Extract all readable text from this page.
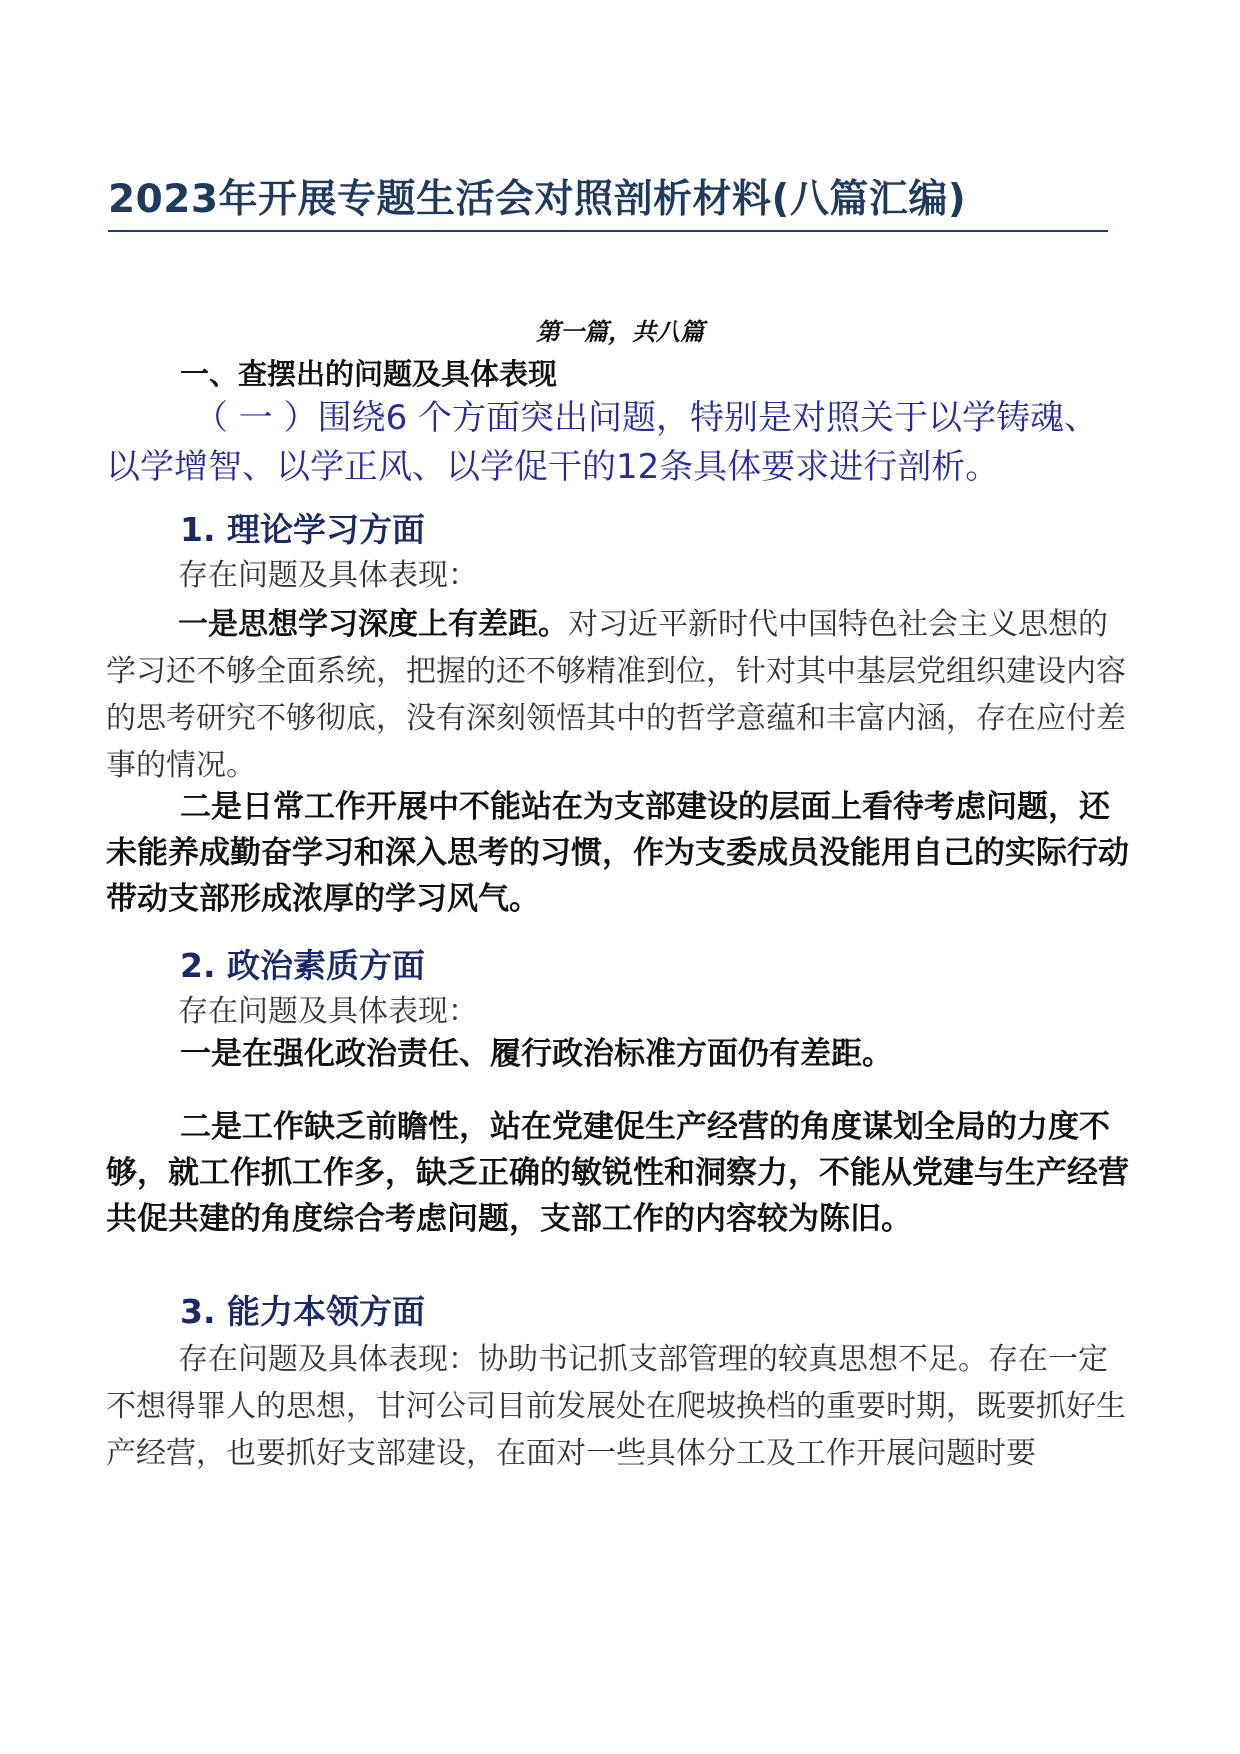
2023年开展专题生活会对照剖析材料(八篇汇编)
第一篇，共八篇
一、查摆出的问题及具体表现
（ 一 ）围绕6 个方面突出问题，特别是对照关于以学铸魂、 以学增智、以学正风、以学促干的12条具体要求进行剖析。
1. 理论学习方面
存在问题及具体表现：
一是思想学习深度上有差距。对习近平新时代中国特色社会主义思想的学习还不够全面系统，把握的还不够精准到位，针对其中基层党组织建设内容的思考研究不够彻底，没有深刻领悟其中的哲学意蕴和丰富内涵，存在应付差事的情况。
二是日常工作开展中不能站在为支部建设的层面上看待考虑问题，还未能养成勤奋学习和深入思考的习惯，作为支委成员没能用自己的实际行动带动支部形成浓厚的学习风气。
2. 政治素质方面
存在问题及具体表现：
一是在强化政治责任、履行政治标准方面仍有差距。
二是工作缺乏前瞻性，站在党建促生产经营的角度谋划全局的力度不够，就工作抓工作多，缺乏正确的敏锐性和洞察力，不能从党建与生产经营共促共建的角度综合考虑问题，支部工作的内容较为陈旧。
3. 能力本领方面
存在问题及具体表现：协助书记抓支部管理的较真思想不足。存在一定不想得罪人的思想，甘河公司目前发展处在爬坡换档的重要时期，既要抓好生产经营，也要抓好支部建设，在面对一些具体分工及工作开展问题时要
